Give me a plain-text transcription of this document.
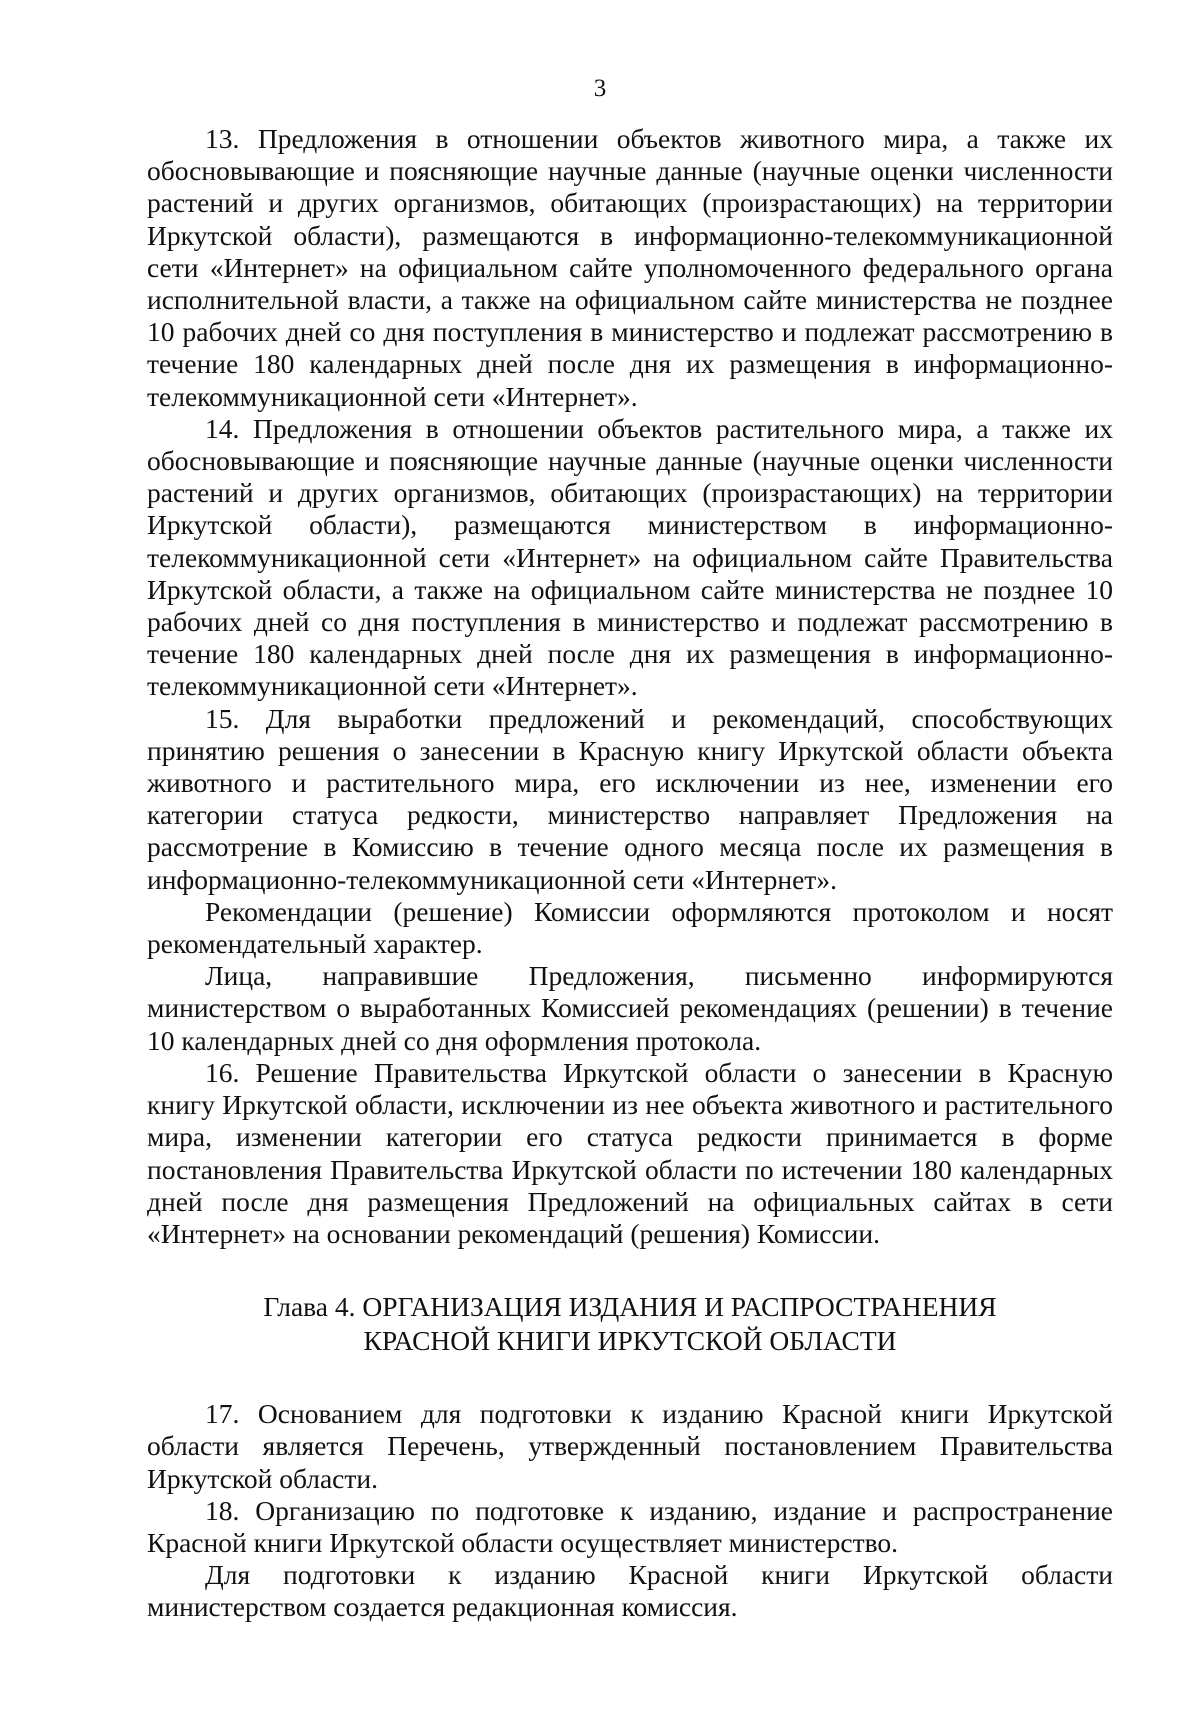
3

13. Предложения в отношении объектов животного мира, а также их обосновывающие и поясняющие научные данные (научные оценки численности растений и других организмов, обитающих (произрастающих) на территории Иркутской области), размещаются в информационно-телекоммуникационной сети «Интернет» на официальном сайте уполномоченного федерального органа исполнительной власти, а также на официальном сайте министерства не позднее 10 рабочих дней со дня поступления в министерство и подлежат рассмотрению в течение 180 календарных дней после дня их размещения в информационно-телекоммуникационной сети «Интернет».

14. Предложения в отношении объектов растительного мира, а также их обосновывающие и поясняющие научные данные (научные оценки численности растений и других организмов, обитающих (произрастающих) на территории Иркутской области), размещаются министерством в информационно-телекоммуникационной сети «Интернет» на официальном сайте Правительства Иркутской области, а также на официальном сайте министерства не позднее 10 рабочих дней со дня поступления в министерство и подлежат рассмотрению в течение 180 календарных дней после дня их размещения в информационно-телекоммуникационной сети «Интернет».

15. Для выработки предложений и рекомендаций, способствующих принятию решения о занесении в Красную книгу Иркутской области объекта животного и растительного мира, его исключении из нее, изменении его категории статуса редкости, министерство направляет Предложения на рассмотрение в Комиссию в течение одного месяца после их размещения в информационно-телекоммуникационной сети «Интернет».

Рекомендации (решение) Комиссии оформляются протоколом и носят рекомендательный характер.

Лица, направившие Предложения, письменно информируются министерством о выработанных Комиссией рекомендациях (решении) в течение 10 календарных дней со дня оформления протокола.

16. Решение Правительства Иркутской области о занесении в Красную книгу Иркутской области, исключении из нее объекта животного и растительного мира, изменении категории его статуса редкости принимается в форме постановления Правительства Иркутской области по истечении 180 календарных дней после дня размещения Предложений на официальных сайтах в сети «Интернет» на основании рекомендаций (решения) Комиссии.

Глава 4. ОРГАНИЗАЦИЯ ИЗДАНИЯ И РАСПРОСТРАНЕНИЯ
КРАСНОЙ КНИГИ ИРКУТСКОЙ ОБЛАСТИ

17. Основанием для подготовки к изданию Красной книги Иркутской области является Перечень, утвержденный постановлением Правительства Иркутской области.

18. Организацию по подготовке к изданию, издание и распространение Красной книги Иркутской области осуществляет министерство.

Для подготовки к изданию Красной книги Иркутской области министерством создается редакционная комиссия.
